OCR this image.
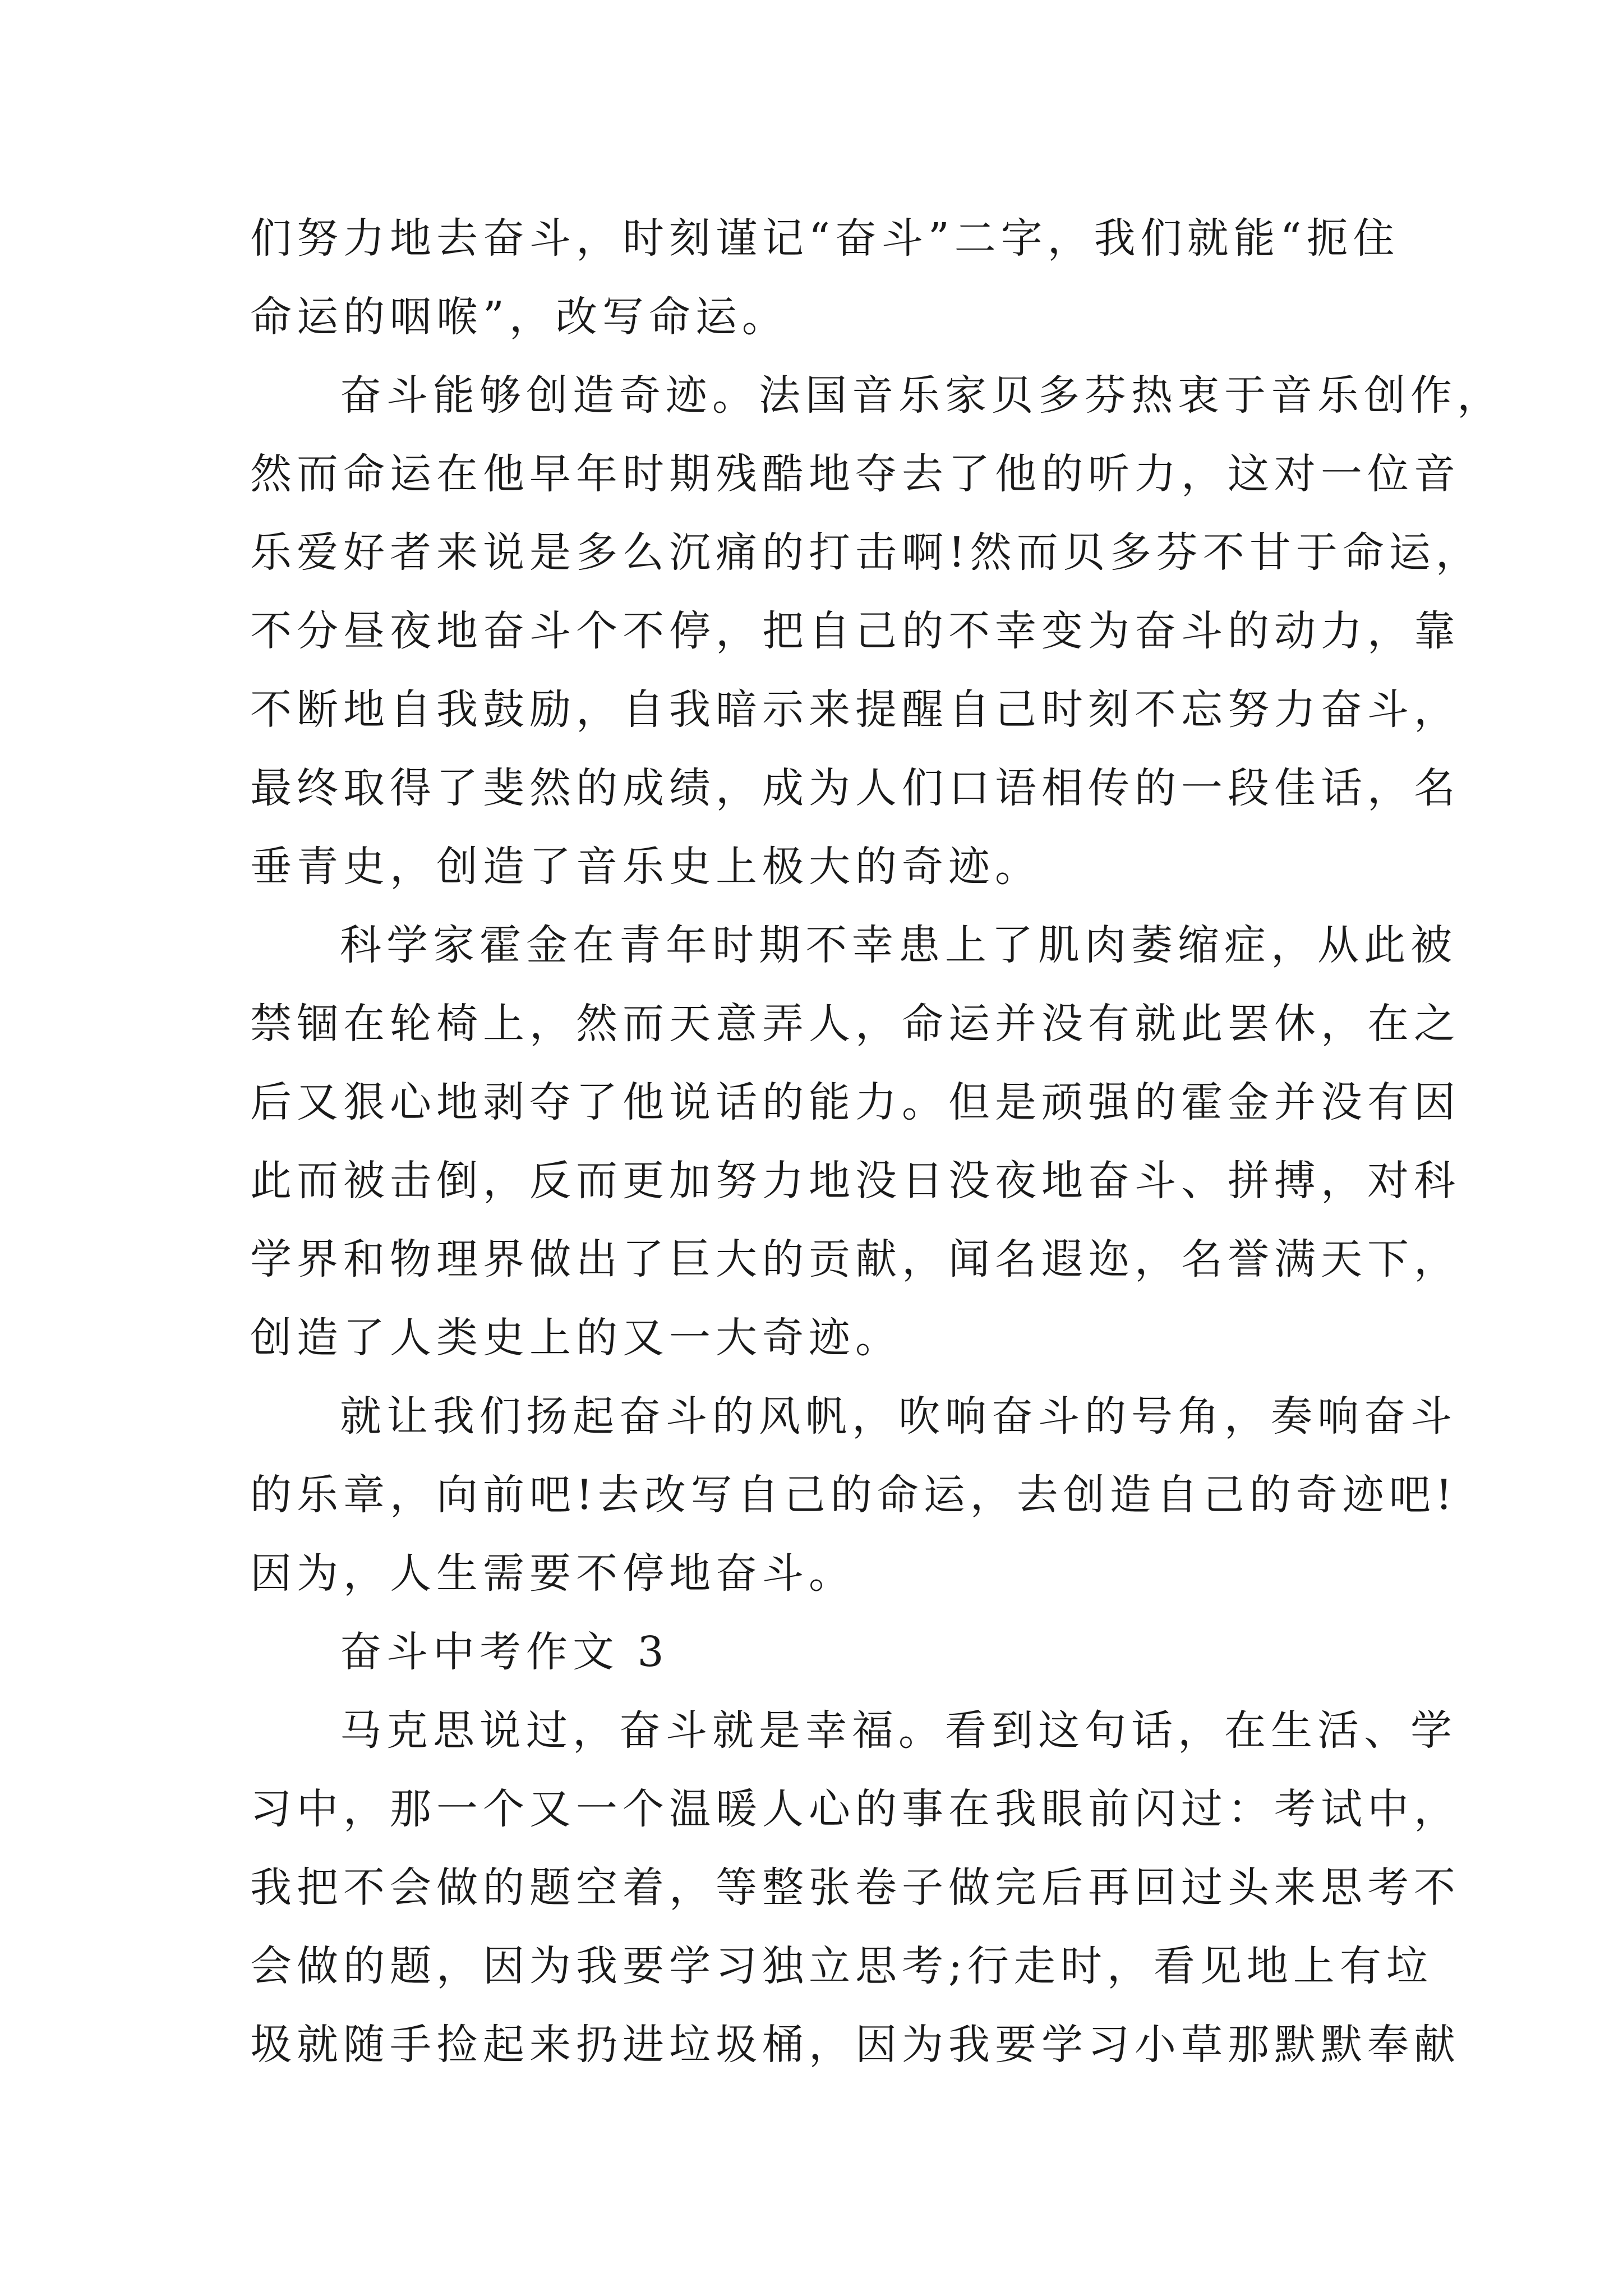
们努力地去奋斗，时刻谨记“奋斗”二字，我们就能“扼住
命运的咽喉”，改写命运。
奋斗能够创造奇迹。法国音乐家贝多芬热衷于音乐创作，
然而命运在他早年时期残酷地夺去了他的听力，这对一位音
乐爱好者来说是多么沉痛的打击啊!然而贝多芬不甘于命运，
不分昼夜地奋斗个不停，把自己的不幸变为奋斗的动力，靠
不断地自我鼓励，自我暗示来提醒自己时刻不忘努力奋斗，
最终取得了斐然的成绩，成为人们口语相传的一段佳话，名
垂青史，创造了音乐史上极大的奇迹。
科学家霍金在青年时期不幸患上了肌肉萎缩症，从此被
禁锢在轮椅上，然而天意弄人，命运并没有就此罢休，在之
后又狠心地剥夺了他说话的能力。但是顽强的霍金并没有因
此而被击倒，反而更加努力地没日没夜地奋斗、拼搏，对科
学界和物理界做出了巨大的贡献，闻名遐迩，名誉满天下，
创造了人类史上的又一大奇迹。
就让我们扬起奋斗的风帆，吹响奋斗的号角，奏响奋斗
的乐章，向前吧!去改写自己的命运，去创造自己的奇迹吧!
因为，人生需要不停地奋斗。
奋斗中考作文 3
马克思说过，奋斗就是幸福。看到这句话，在生活、学
习中，那一个又一个温暖人心的事在我眼前闪过：考试中，
我把不会做的题空着，等整张卷子做完后再回过头来思考不
会做的题，因为我要学习独立思考;行走时，看见地上有垃
圾就随手捡起来扔进垃圾桶，因为我要学习小草那默默奉献
